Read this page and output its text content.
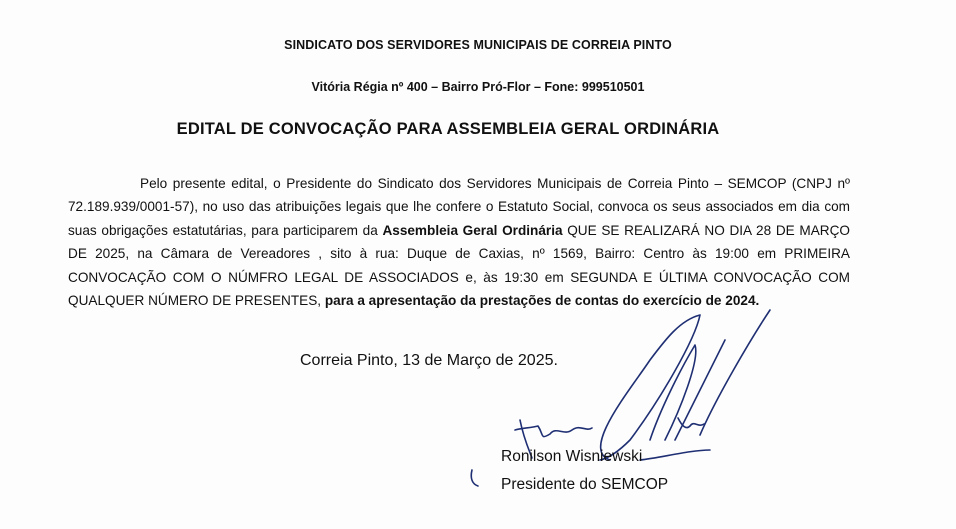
SINDICATO DOS SERVIDORES MUNICIPAIS DE CORREIA PINTO
Vitória Régia nº 400 – Bairro Pró-Flor – Fone: 999510501
EDITAL DE CONVOCAÇÃO PARA ASSEMBLEIA GERAL ORDINÁRIA
Pelo presente edital, o Presidente do Sindicato dos Servidores Municipais de Correia Pinto – SEMCOP (CNPJ nº 72.189.939/0001-57), no uso das atribuições legais que lhe confere o Estatuto Social, convoca os seus associados em dia com suas obrigações estatutárias, para participarem da Assembleia Geral Ordinária QUE SE REALIZARÁ NO DIA 28 DE MARÇO DE 2025, na Câmara de Vereadores , sito à rua: Duque de Caxias, nº 1569, Bairro: Centro às 19:00 em PRIMEIRA CONVOCAÇÃO COM O NÚMFRO LEGAL DE ASSOCIADOS e, às 19:30 em SEGUNDA E ÚLTIMA CONVOCAÇÃO COM QUALQUER NÚMERO DE PRESENTES, para a apresentação da prestações de contas do exercício de 2024.
Correia Pinto, 13 de Março de 2025.
Ronilson Wisniewski
Presidente do SEMCOP
